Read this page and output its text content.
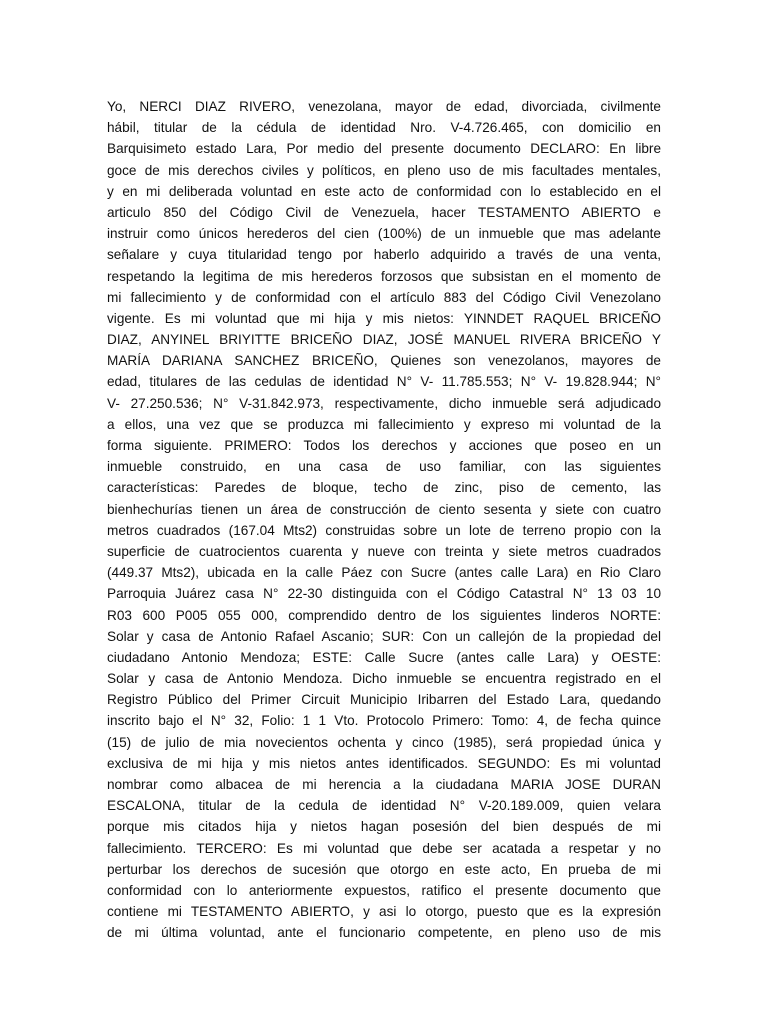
Yo, NERCI DIAZ RIVERO, venezolana, mayor de edad, divorciada, civilmente
hábil, titular de la cédula de identidad Nro. V-4.726.465, con domicilio en
Barquisimeto estado Lara, Por medio del presente documento DECLARO: En libre
goce de mis derechos civiles y políticos, en pleno uso de mis facultades mentales,
y en mi deliberada voluntad en este acto de conformidad con lo establecido en el
articulo 850 del Código Civil de Venezuela, hacer TESTAMENTO ABIERTO e
instruir como únicos herederos del cien (100%) de un inmueble que mas adelante
señalare y cuya titularidad tengo por haberlo adquirido a través de una venta,
respetando la legitima de mis herederos forzosos que subsistan en el momento de
mi fallecimiento y de conformidad con el artículo 883 del Código Civil Venezolano
vigente. Es mi voluntad que mi hija y mis nietos: YINNDET RAQUEL BRICEÑO
DIAZ, ANYINEL BRIYITTE BRICEÑO DIAZ, JOSÉ MANUEL RIVERA BRICEÑO Y
MARÍA DARIANA SANCHEZ BRICEÑO, Quienes son venezolanos, mayores de
edad, titulares de las cedulas de identidad N° V- 11.785.553; N° V- 19.828.944; N°
V- 27.250.536; N° V-31.842.973, respectivamente, dicho inmueble será adjudicado
a ellos, una vez que se produzca mi fallecimiento y expreso mi voluntad de la
forma siguiente. PRIMERO: Todos los derechos y acciones que poseo en un
inmueble construido, en una casa de uso familiar, con las siguientes
características: Paredes de bloque, techo de zinc, piso de cemento, las
bienhechurías tienen un área de construcción de ciento sesenta y siete con cuatro
metros cuadrados (167.04 Mts2) construidas sobre un lote de terreno propio con la
superficie de cuatrocientos cuarenta y nueve con treinta y siete metros cuadrados
(449.37 Mts2), ubicada en la calle Páez con Sucre (antes calle Lara) en Rio Claro
Parroquia Juárez casa N° 22-30 distinguida con el Código Catastral N° 13 03 10
R03 600 P005 055 000, comprendido dentro de los siguientes linderos NORTE:
Solar y casa de Antonio Rafael Ascanio; SUR: Con un callejón de la propiedad del
ciudadano Antonio Mendoza; ESTE: Calle Sucre (antes calle Lara) y OESTE:
Solar y casa de Antonio Mendoza. Dicho inmueble se encuentra registrado en el
Registro Público del Primer Circuit Municipio Iribarren del Estado Lara, quedando
inscrito bajo el N° 32, Folio: 1 1 Vto. Protocolo Primero: Tomo: 4, de fecha quince
(15) de julio de mia novecientos ochenta y cinco (1985), será propiedad única y
exclusiva de mi hija y mis nietos antes identificados. SEGUNDO: Es mi voluntad
nombrar como albacea de mi herencia a la ciudadana MARIA JOSE DURAN
ESCALONA, titular de la cedula de identidad N° V-20.189.009, quien velara
porque mis citados hija y nietos hagan posesión del bien después de mi
fallecimiento. TERCERO: Es mi voluntad que debe ser acatada a respetar y no
perturbar los derechos de sucesión que otorgo en este acto, En prueba de mi
conformidad con lo anteriormente expuestos, ratifico el presente documento que
contiene mi TESTAMENTO ABIERTO, y asi lo otorgo, puesto que es la expresión
de mi última voluntad, ante el funcionario competente, en pleno uso de mis
